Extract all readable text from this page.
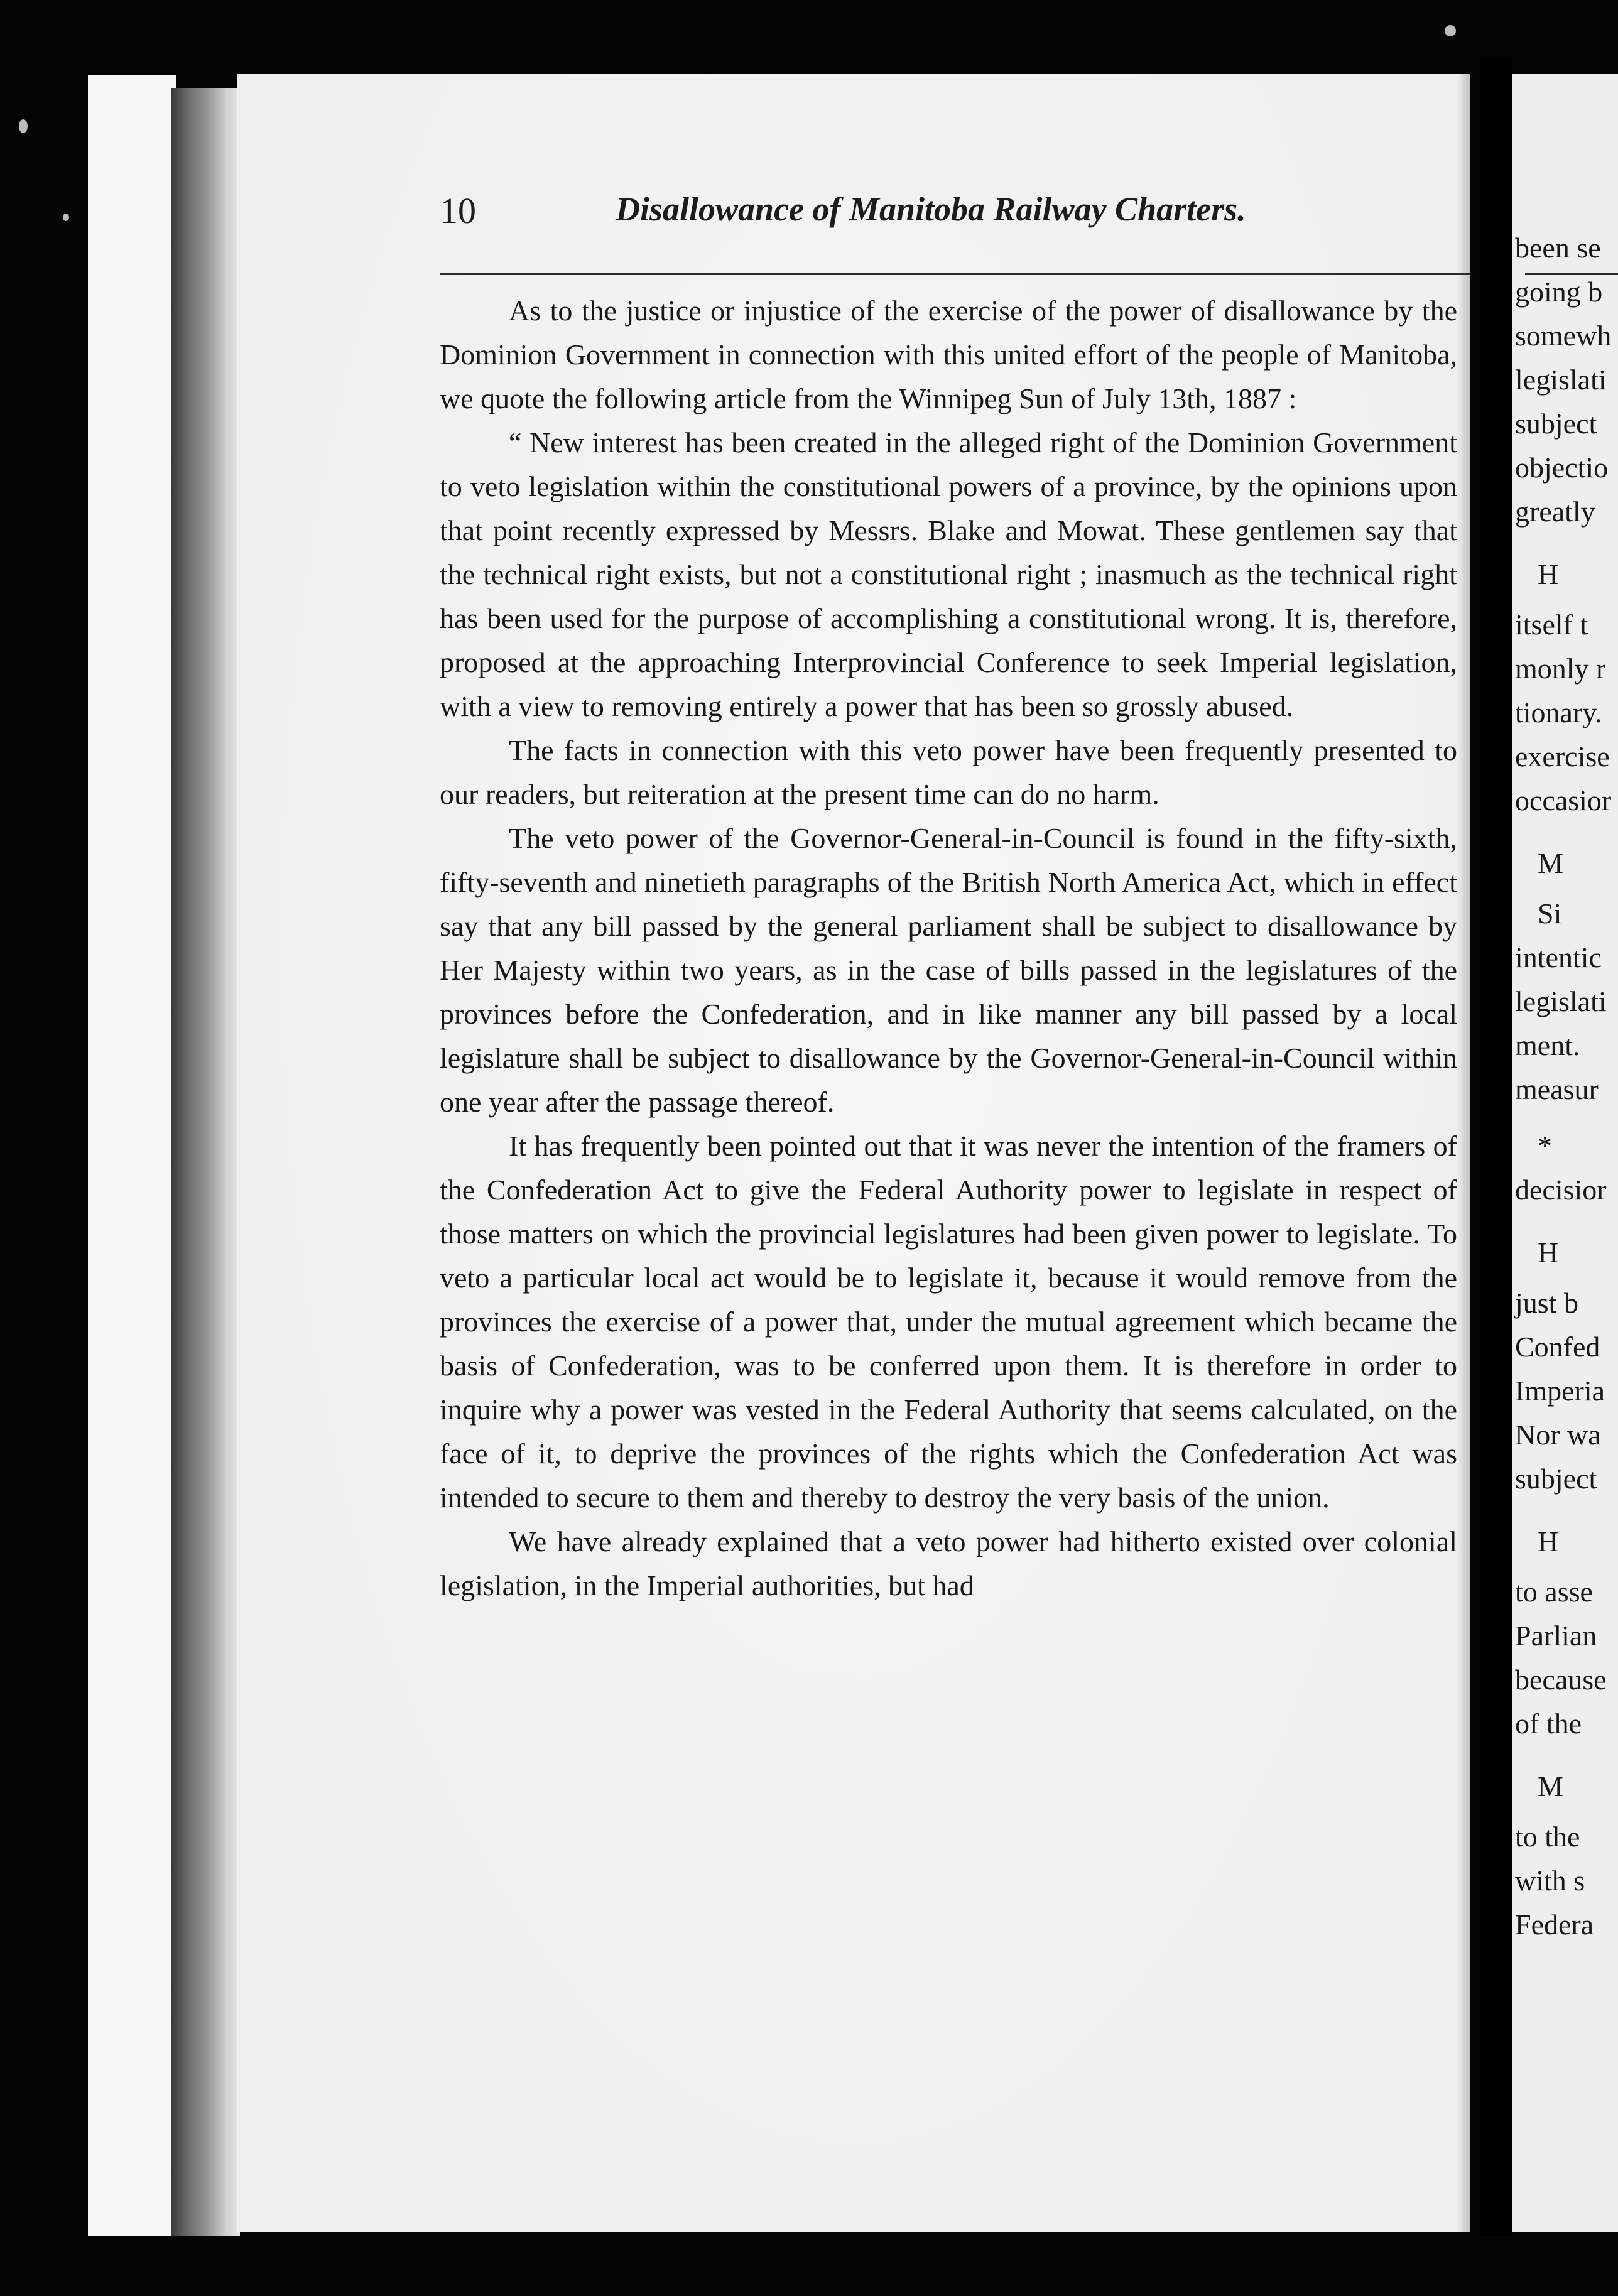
10	Disallowance of Manitoba Railway Charters.

As to the justice or injustice of the exercise of the power of disallowance by the Dominion Government in connection with this united effort of the people of Manitoba, we quote the following article from the Winnipeg Sun of July 13th, 1887 :

“ New interest has been created in the alleged right of the Dominion Government to veto legislation within the constitutional powers of a province, by the opinions upon that point recently expressed by Messrs. Blake and Mowat. These gentlemen say that the technical right exists, but not a constitutional right ; inasmuch as the technical right has been used for the purpose of accomplishing a constitutional wrong. It is, therefore, proposed at the approaching Interprovincial Conference to seek Imperial legislation, with a view to removing entirely a power that has been so grossly abused.

The facts in connection with this veto power have been frequently presented to our readers, but reiteration at the present time can do no harm.

The veto power of the Governor-General-in-Council is found in the fifty-sixth, fifty-seventh and ninetieth paragraphs of the British North America Act, which in effect say that any bill passed by the general parliament shall be subject to disallowance by Her Majesty within two years, as in the case of bills passed in the legislatures of the provinces before the Confederation, and in like manner any bill passed by a local legislature shall be subject to disallowance by the Governor-General-in-Council within one year after the passage thereof.

It has frequently been pointed out that it was never the intention of the framers of the Confederation Act to give the Federal Authority power to legislate in respect of those matters on which the provincial legislatures had been given power to legislate. To veto a particular local act would be to legislate it, because it would remove from the provinces the exercise of a power that, under the mutual agreement which became the basis of Confederation, was to be conferred upon them. It is therefore in order to inquire why a power was vested in the Federal Authority that seems calculated, on the face of it, to deprive the provinces of the rights which the Confederation Act was intended to secure to them and thereby to destroy the very basis of the union.

We have already explained that a veto power had hitherto existed over colonial legislation, in the Imperial authorities, but had

been se
going b
somewh
legislati
subject
objectio
greatly
H
itself t
monly r
tionary.
exercise
occasior
M
Si
intentic
legislati
ment.
measur
*
decisior
H
just b
Confed
Imperia
Nor wa
subject
H
to asse
Parlian
because
of the
M
to the
with s
Federa
